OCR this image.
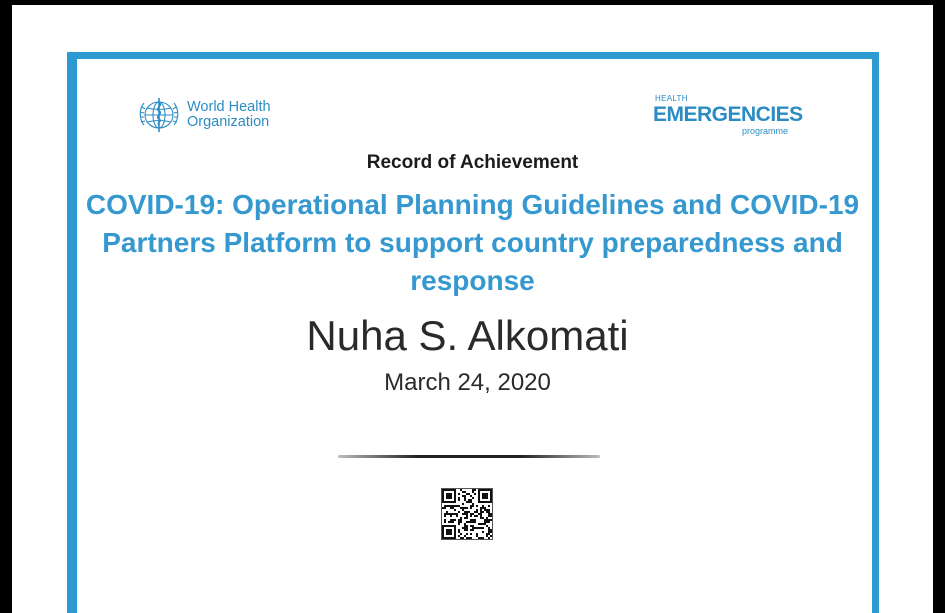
World Health
Organization
HEALTH
EMERGENCIES
programme
Record of Achievement
COVID-19: Operational Planning Guidelines and COVID-19 Partners Platform to support country preparedness and response
Nuha S. Alkomati
March 24, 2020
